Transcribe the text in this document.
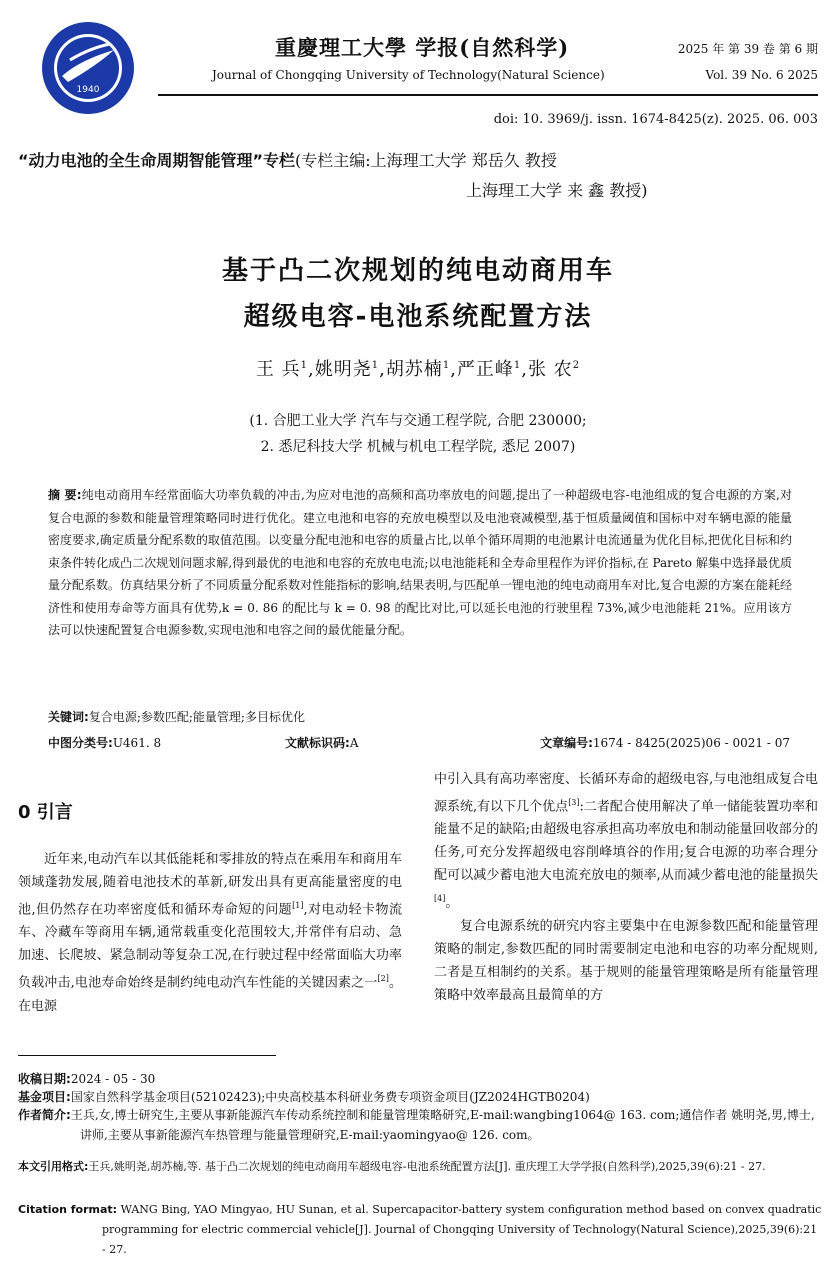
1940
重慶理工大學 学报(自然科学)
Journal of Chongqing University of Technology(Natural Science)
2025 年 第 39 卷 第 6 期
Vol. 39 No. 6 2025
doi: 10. 3969/j. issn. 1674-8425(z). 2025. 06. 003
“动力电池的全生命周期智能管理”专栏(专栏主编:上海理工大学 郑岳久 教授
上海理工大学 来 鑫 教授)
基于凸二次规划的纯电动商用车
超级电容-电池系统配置方法
王 兵$^1$,姚明尧$^1$,胡苏楠$^1$,严正峰$^1$,张 农$^2$
(1. 合肥工业大学 汽车与交通工程学院, 合肥 230000;
2. 悉尼科技大学 机械与机电工程学院, 悉尼 2007)
摘 要:纯电动商用车经常面临大功率负载的冲击,为应对电池的高频和高功率放电的问题,提出了一种超级电容-电池组成的复合电源的方案,对复合电源的参数和能量管理策略同时进行优化。建立电池和电容的充放电模型以及电池衰减模型,基于恒质量阈值和国标中对车辆电源的能量密度要求,确定质量分配系数的取值范围。以变量分配电池和电容的质量占比,以单个循环周期的电池累计电流通量为优化目标,把优化目标和约束条件转化成凸二次规划问题求解,得到最优的电池和电容的充放电电流;以电池能耗和全寿命里程作为评价指标,在 Pareto 解集中选择最优质量分配系数。仿真结果分析了不同质量分配系数对性能指标的影响,结果表明,与匹配单一锂电池的纯电动商用车对比,复合电源的方案在能耗经济性和使用寿命等方面具有优势,k = 0. 86 的配比与 k = 0. 98 的配比对比,可以延长电池的行驶里程 73%,减少电池能耗 21%。应用该方法可以快速配置复合电源参数,实现电池和电容之间的最优能量分配。
关键词:复合电源;参数匹配;能量管理;多目标优化
中图分类号:U461. 8	文献标识码:A	文章编号:1674 - 8425(2025)06 - 0021 - 07
0 引言

近年来,电动汽车以其低能耗和零排放的特点在乘用车和商用车领域蓬勃发展,随着电池技术的革新,研发出具有更高能量密度的电池,但仍然存在功率密度低和循环寿命短的问题[1],对电动轻卡物流车、冷藏车等商用车辆,通常载重变化范围较大,并常伴有启动、急加速、长爬坡、紧急制动等复杂工况,在行驶过程中经常面临大功率负载冲击,电池寿命始终是制约纯电动汽车性能的关键因素之一[2]。在电源

中引入具有高功率密度、长循环寿命的超级电容,与电池组成复合电源系统,有以下几个优点[3]:二者配合使用解决了单一储能装置功率和能量不足的缺陷;由超级电容承担高功率放电和制动能量回收部分的任务,可充分发挥超级电容削峰填谷的作用;复合电源的功率合理分配可以减少蓄电池大电流充放电的频率,从而减少蓄电池的能量损失[4]。

复合电源系统的研究内容主要集中在电源参数匹配和能量管理策略的制定,参数匹配的同时需要制定电池和电容的功率分配规则,二者是互相制约的关系。基于规则的能量管理策略是所有能量管理策略中效率最高且最简单的方

收稿日期:2024 - 05 - 30
基金项目:国家自然科学基金项目(52102423);中央高校基本科研业务费专项资金项目(JZ2024HGTB0204)
作者简介:王兵,女,博士研究生,主要从事新能源汽车传动系统控制和能量管理策略研究,E-mail:wangbing1064@ 163. com;通信作者 姚明尧,男,博士,讲师,主要从事新能源汽车热管理与能量管理研究,E-mail:yaomingyao@ 126. com。
本文引用格式:王兵,姚明尧,胡苏楠,等. 基于凸二次规划的纯电动商用车超级电容-电池系统配置方法[J]. 重庆理工大学学报(自然科学),2025,39(6):21 - 27.
Citation format: WANG Bing, YAO Mingyao, HU Sunan, et al. Supercapacitor-battery system configuration method based on convex quadratic programming for electric commercial vehicle[J]. Journal of Chongqing University of Technology(Natural Science),2025,39(6):21 - 27.
